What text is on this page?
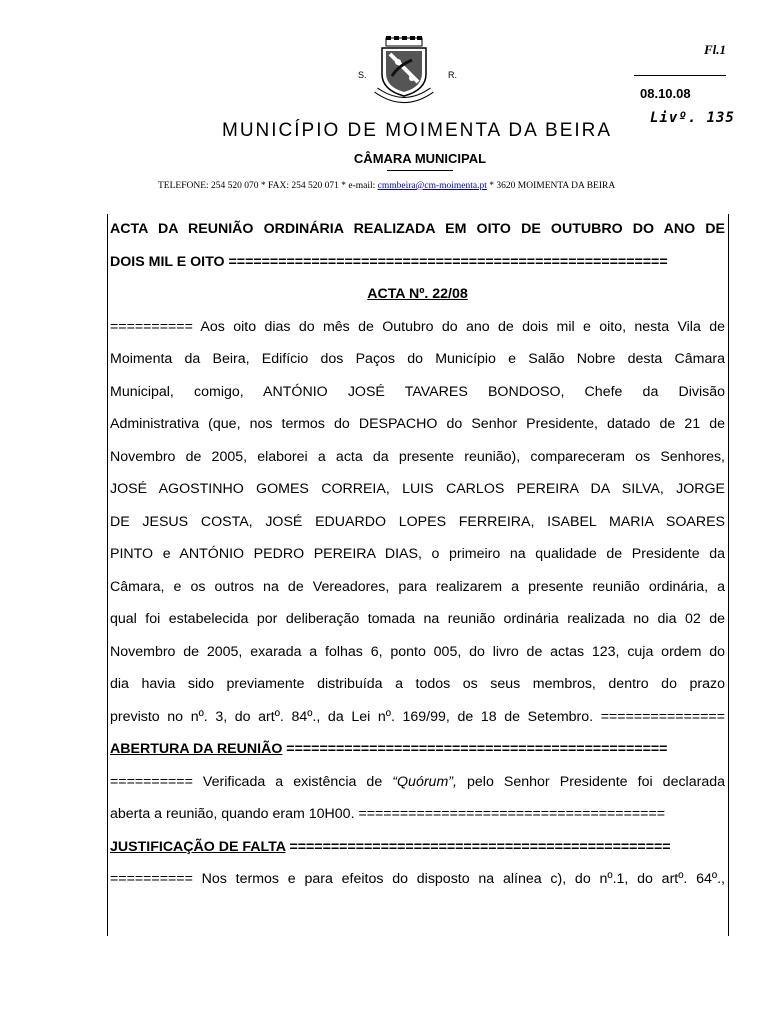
S.	R.
Fl.1
08.10.08
Livº. 135
MUNICÍPIO DE MOIMENTA DA BEIRA
CÂMARA MUNICIPAL
TELEFONE: 254 520 070 * FAX: 254 520 071 * e-mail: cmmbeira@cm-moimenta.pt * 3620 MOIMENTA DA BEIRA
ACTA DA REUNIÃO ORDINÁRIA REALIZADA EM OITO DE OUTUBRO DO ANO DE
DOIS MIL E OITO =====================================================
ACTA Nº. 22/08
========== Aos oito dias do mês de Outubro do ano de dois mil e oito, nesta Vila de
Moimenta da Beira, Edifício dos Paços do Município e Salão Nobre desta Câmara
Municipal, comigo, ANTÓNIO JOSÉ TAVARES BONDOSO, Chefe da Divisão
Administrativa (que, nos termos do DESPACHO do Senhor Presidente, datado de 21 de
Novembro de 2005, elaborei a acta da presente reunião), compareceram os Senhores,
JOSÉ AGOSTINHO GOMES CORREIA, LUIS CARLOS PEREIRA DA SILVA, JORGE
DE JESUS COSTA, JOSÉ EDUARDO LOPES FERREIRA, ISABEL MARIA SOARES
PINTO e ANTÓNIO PEDRO PEREIRA DIAS, o primeiro na qualidade de Presidente da
Câmara, e os outros na de Vereadores, para realizarem a presente reunião ordinária, a
qual foi estabelecida por deliberação tomada na reunião ordinária realizada no dia 02 de
Novembro de 2005, exarada a folhas 6, ponto 005, do livro de actas 123, cuja ordem do
dia havia sido previamente distribuída a todos os seus membros, dentro do prazo
previsto no nº. 3, do artº. 84º., da Lei nº. 169/99, de 18 de Setembro. ===============
ABERTURA DA REUNIÃO ==============================================
========== Verificada a existência de “Quórum”, pelo Senhor Presidente foi declarada
aberta a reunião, quando eram 10H00. =====================================
JUSTIFICAÇÃO DE FALTA ==============================================
========== Nos termos e para efeitos do disposto na alínea c), do nº.1, do artº. 64º.,
